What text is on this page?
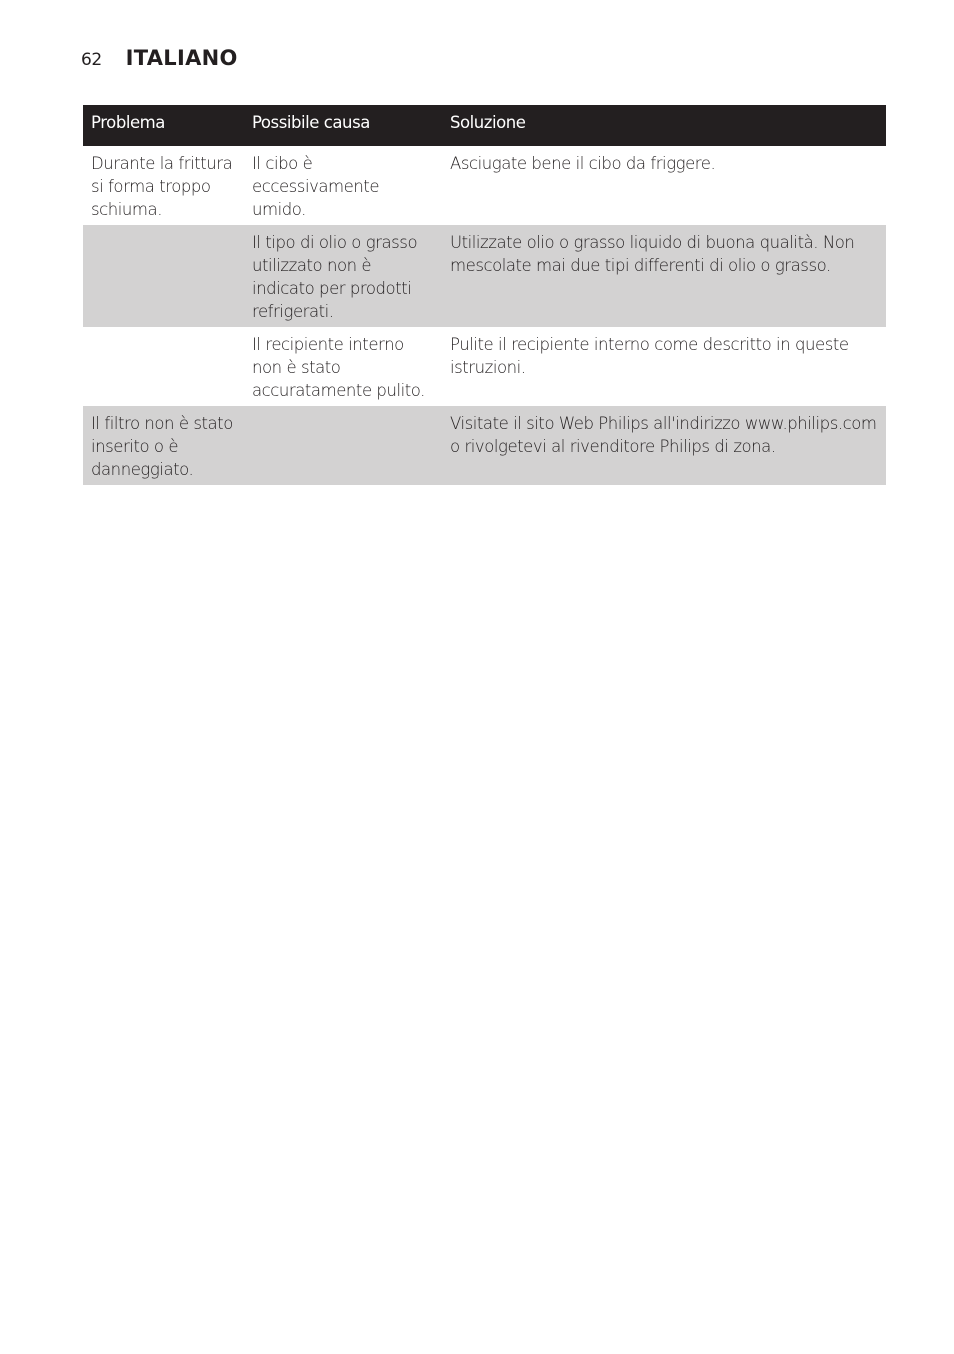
62 ITALIANO
Problema	Possibile causa	Soluzione
Durante la frittura si forma troppo schiuma.	Il cibo è eccessivamente umido.	Asciugate bene il cibo da friggere.
	Il tipo di olio o grasso utilizzato non è indicato per prodotti refrigerati.	Utilizzate olio o grasso liquido di buona qualità. Non mescolate mai due tipi differenti di olio o grasso.
	Il recipiente interno non è stato accuratamente pulito.	Pulite il recipiente interno come descritto in queste istruzioni.
Il filtro non è stato inserito o è danneggiato.		Visitate il sito Web Philips all'indirizzo www.philips.com o rivolgetevi al rivenditore Philips di zona.
